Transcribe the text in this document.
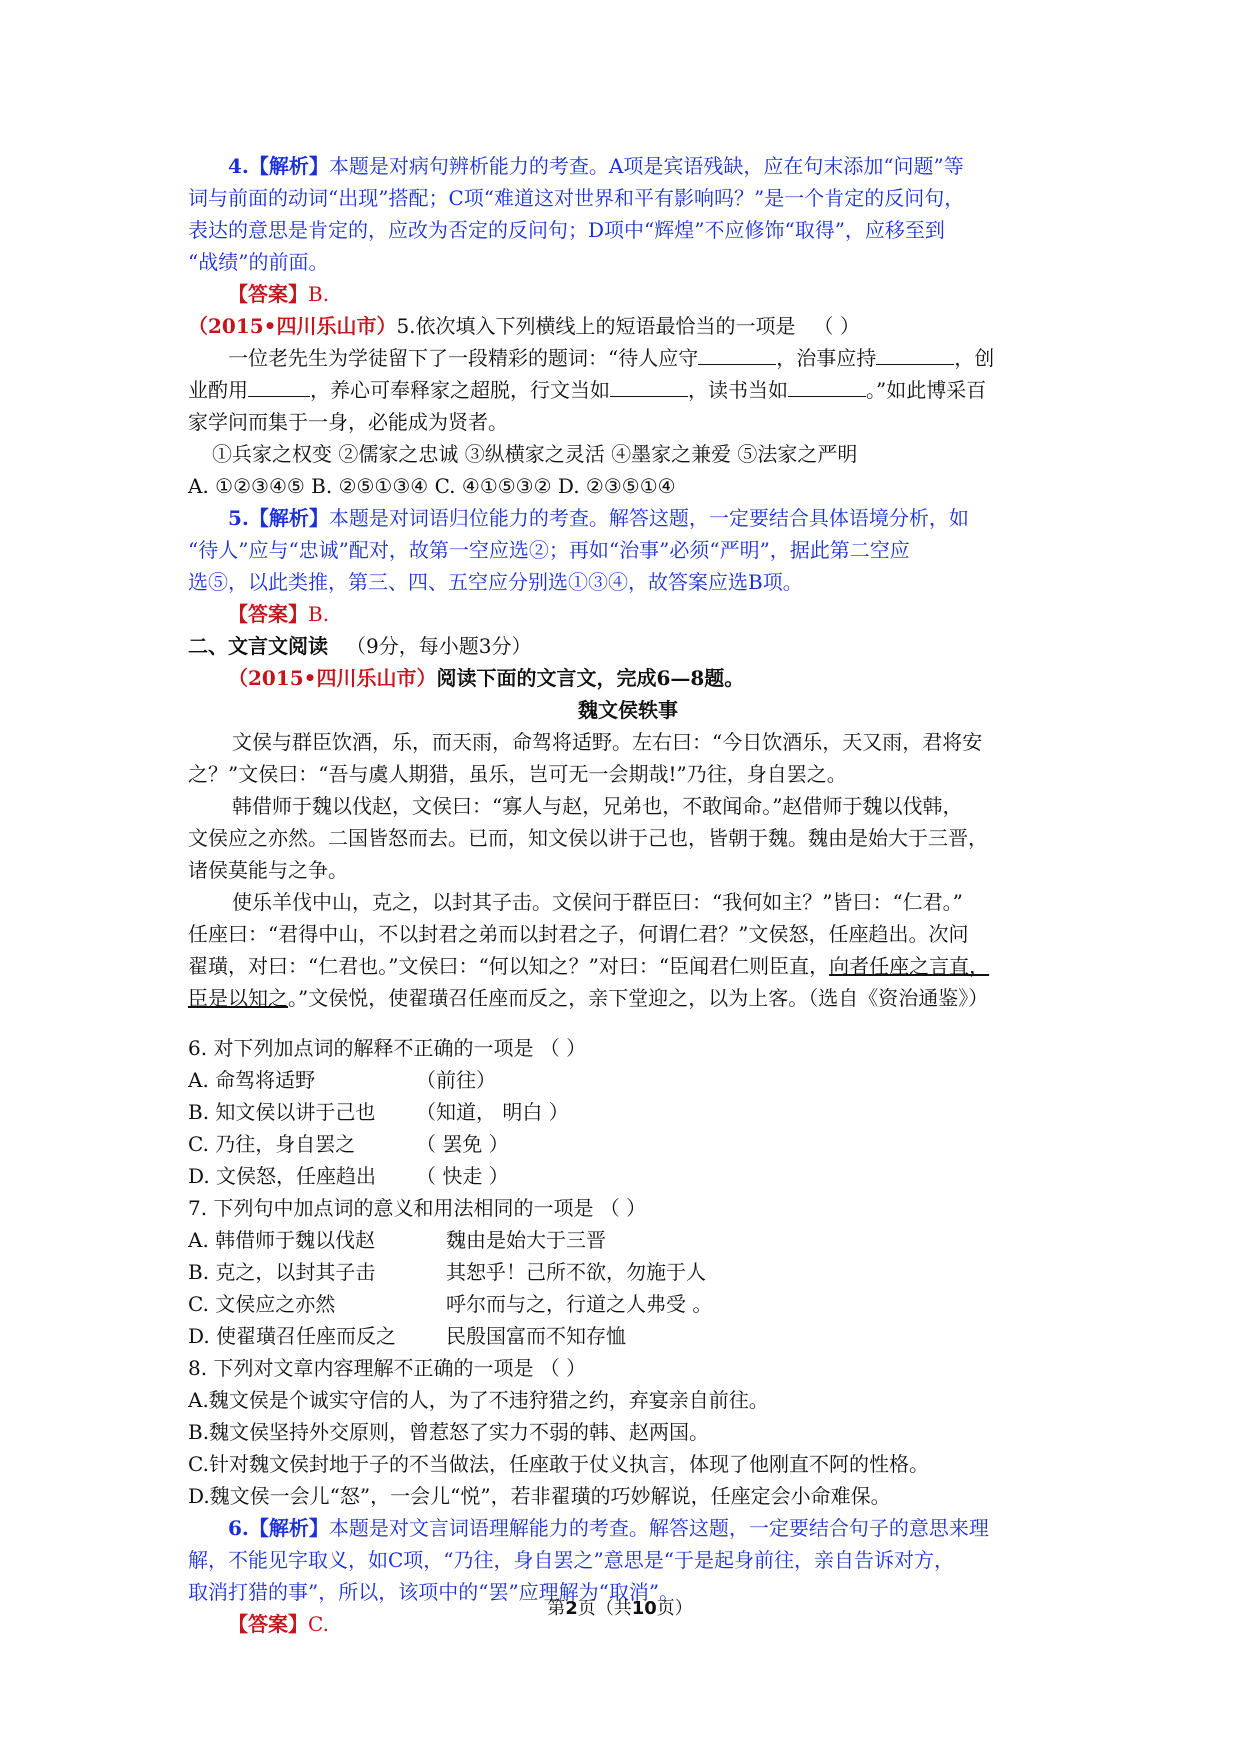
4.【解析】本题是对病句辨析能力的考查。A项是宾语残缺，应在句末添加“问题”等
词与前面的动词“出现”搭配；C项“难道这对世界和平有影响吗？”是一个肯定的反问句，
表达的意思是肯定的，应改为否定的反问句；D项中“辉煌”不应修饰“取得”，应移至到
“战绩”的前面。
【答案】B.
（2015•四川乐山市）5.依次填入下列横线上的短语最恰当的一项是 （ ）
一位老先生为学徒留下了一段精彩的题词：“待人应守	，治事应持	，创
业酌用	，养心可奉释家之超脱，行文当如	，读书当如	。”如此博采百
家学问而集于一身，必能成为贤者。
①兵家之权变 ②儒家之忠诚 ③纵横家之灵活 ④墨家之兼爱 ⑤法家之严明
A. ①②③④⑤ B. ②⑤①③④ C. ④①⑤③② D. ②③⑤①④
5.【解析】本题是对词语归位能力的考查。解答这题，一定要结合具体语境分析，如
“待人”应与“忠诚”配对，故第一空应选②；再如“治事”必须“严明”，据此第二空应
选⑤，以此类推，第三、四、五空应分别选①③④，故答案应选B项。
【答案】B.
二、文言文阅读 （9分，每小题3分）
（2015•四川乐山市）阅读下面的文言文，完成6—8题。
魏文侯轶事
文侯与群臣饮酒，乐，而天雨，命驾将适野。左右曰：“今日饮酒乐，天又雨，君将安
之？”文侯曰：“吾与虞人期猎，虽乐，岂可无一会期哉!”乃往，身自罢之。
韩借师于魏以伐赵，文侯曰：“寡人与赵，兄弟也，不敢闻命。”赵借师于魏以伐韩，
文侯应之亦然。二国皆怒而去。已而，知文侯以讲于己也，皆朝于魏。魏由是始大于三晋，
诸侯莫能与之争。
使乐羊伐中山，克之，以封其子击。文侯问于群臣曰：“我何如主？”皆曰：“仁君。”
任座曰：“君得中山，不以封君之弟而以封君之子，何谓仁君？”文侯怒，任座趋出。次问
翟璜，对曰：“仁君也。”文侯曰：“何以知之？”对曰：“臣闻君仁则臣直，向者任座之言直，
臣是以知之。”文侯悦，使翟璜召任座而反之，亲下堂迎之，以为上客。（选自《资治通鉴》）
6. 对下列加点词的解释不正确的一项是 （ ）
A. 命驾将适野	（前往）
B. 知文侯以讲于己也 （知道， 明白 ）
C. 乃往，身自罢之	（ 罢免 ）
D. 文侯怒，任座趋出 （ 快走 ）
7. 下列句中加点词的意义和用法相同的一项是 （ ）
A. 韩借师于魏以伐赵	魏由是始大于三晋
B. 克之，以封其子击	其恕乎！己所不欲，勿施于人
C. 文侯应之亦然	呼尔而与之，行道之人弗受 。
D. 使翟璜召任座而反之 民殷国富而不知存恤
8. 下列对文章内容理解不正确的一项是 （ ）
A.魏文侯是个诚实守信的人，为了不违狩猎之约，弃宴亲自前往。
B.魏文侯坚持外交原则，曾惹怒了实力不弱的韩、赵两国。
C.针对魏文侯封地于子的不当做法，任座敢于仗义执言，体现了他刚直不阿的性格。
D.魏文侯一会儿“怒”，一会儿“悦”，若非翟璜的巧妙解说，任座定会小命难保。
6.【解析】本题是对文言词语理解能力的考查。解答这题，一定要结合句子的意思来理
解，不能见字取义，如C项，“乃往，身自罢之”意思是“于是起身前往，亲自告诉对方，
取消打猎的事”，所以，该项中的“罢”应理解为“取消”。
【答案】C.
第2页（共10页）
